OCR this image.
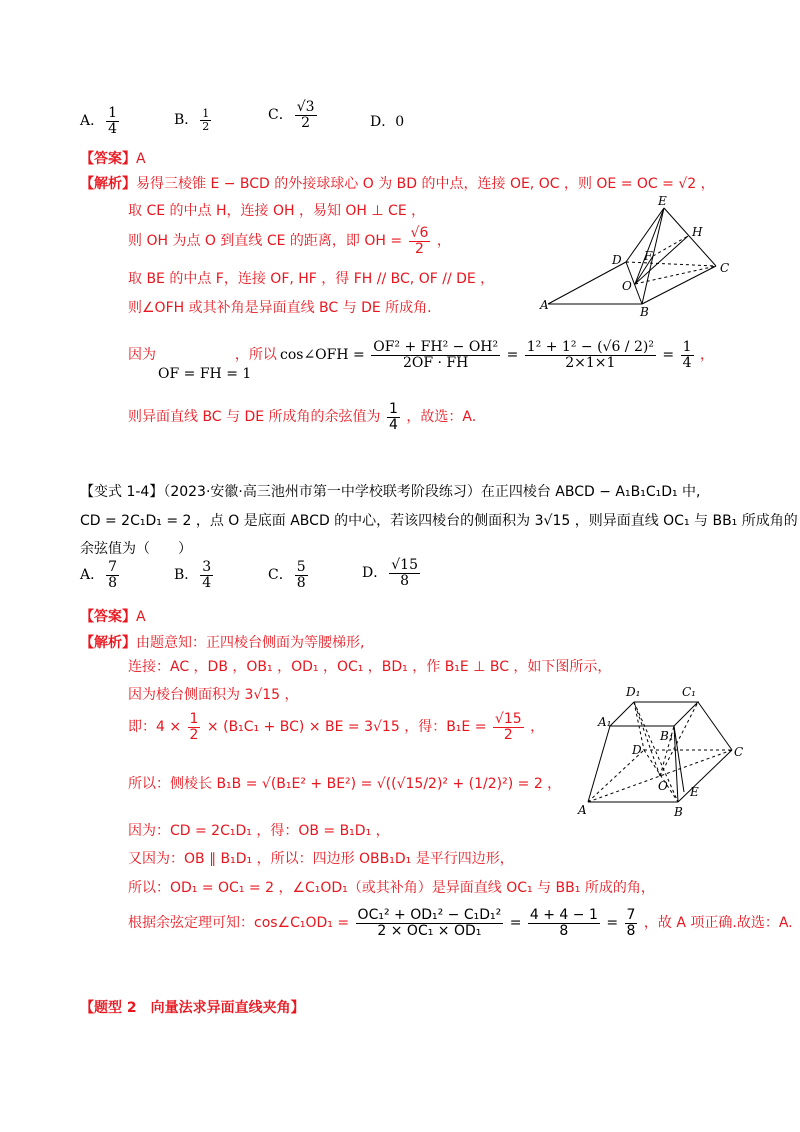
A． $\frac{1}{4}$	B． $\frac{1}{2}$	C． $\frac{√3}{2}$	D．0
【答案】A
【解析】易得三棱锥 E − BCD 的外接球球心 O 为 BD 的中点，连接 OE, OC ，则 OE = OC = √2 ，
取 CE 的中点 H，连接 OH ，易知 OH ⊥ CE ，
则 OH 为点 O 到直线 CE 的距离，即 OH = $\frac{√6}{2}$ ，
取 BE 的中点 F，连接 OF, HF ，得 FH // BC, OF // DE ，
则∠OFH 或其补角是异面直线 BC 与 DE 所成角.
因为	，所以
OF = FH = 1
cos∠OFH = $\frac{\text{OF² + FH² − OH²}}{2OF \cdot FH} = \frac{\text{1² + 1² − (√6 / 2)²}}{2\times 1\times 1} = \frac{1}{4}$ ，
则异面直线 BC 与 DE 所成角的余弦值为 $\frac{1}{4}$ ，故选：A.
E
H
D F
C
O
A	B
【变式 1-4】（2023·安徽·高三池州市第一中学校联考阶段练习）在正四棱台 ABCD − A₁B₁C₁D₁ 中,
CD = 2C₁D₁ = 2 ，点 O 是底面 ABCD 的中心，若该四棱台的侧面积为 3√15 ，则异面直线 OC₁ 与 BB₁ 所成角的
余弦值为（　　）
A． $\frac{7}{8}$	B． $\frac{3}{4}$	C． $\frac{5}{8}$	D． $\frac{√15}{8}$
【答案】A
【解析】由题意知：正四棱台侧面为等腰梯形,
连接：AC ，DB ，OB₁ ，OD₁ ，OC₁ ，BD₁ ，作 B₁E ⊥ BC ，如下图所示，
因为棱台侧面积为 3√15 ，
即：$4 \times \frac{1}{2} \times (B_1C_1 + BC)$ × BE = 3√15 ，得：$B_1E = \frac{√15}{2}$ ，
所以：侧棱长 B₁B = √(B₁E² + BE²) = √((√15/2)² + (1/2)²) = 2 ，
因为：CD = 2C₁D₁ ，得：OB = B₁D₁ ，
又因为：OB ∥ B₁D₁ ，所以：四边形 OBB₁D₁ 是平行四边形，
所以：OD₁ = OC₁ = 2 ，∠C₁OD₁（或其补角）是异面直线 OC₁ 与 BB₁ 所成的角，
根据余弦定理可知：cos∠C₁OD₁ = $\frac{\text{OC₁² + OD₁² − C₁D₁²}}{\text{2 × OC₁ × OD₁}} = \frac{4 + 4 - 1}{8} = \frac{7}{8}$ ，故 A 项正确.故选：A.
D₁	C₁
A₁
B₁
D	C
O E
A	B
【题型 2　向量法求异面直线夹角】
